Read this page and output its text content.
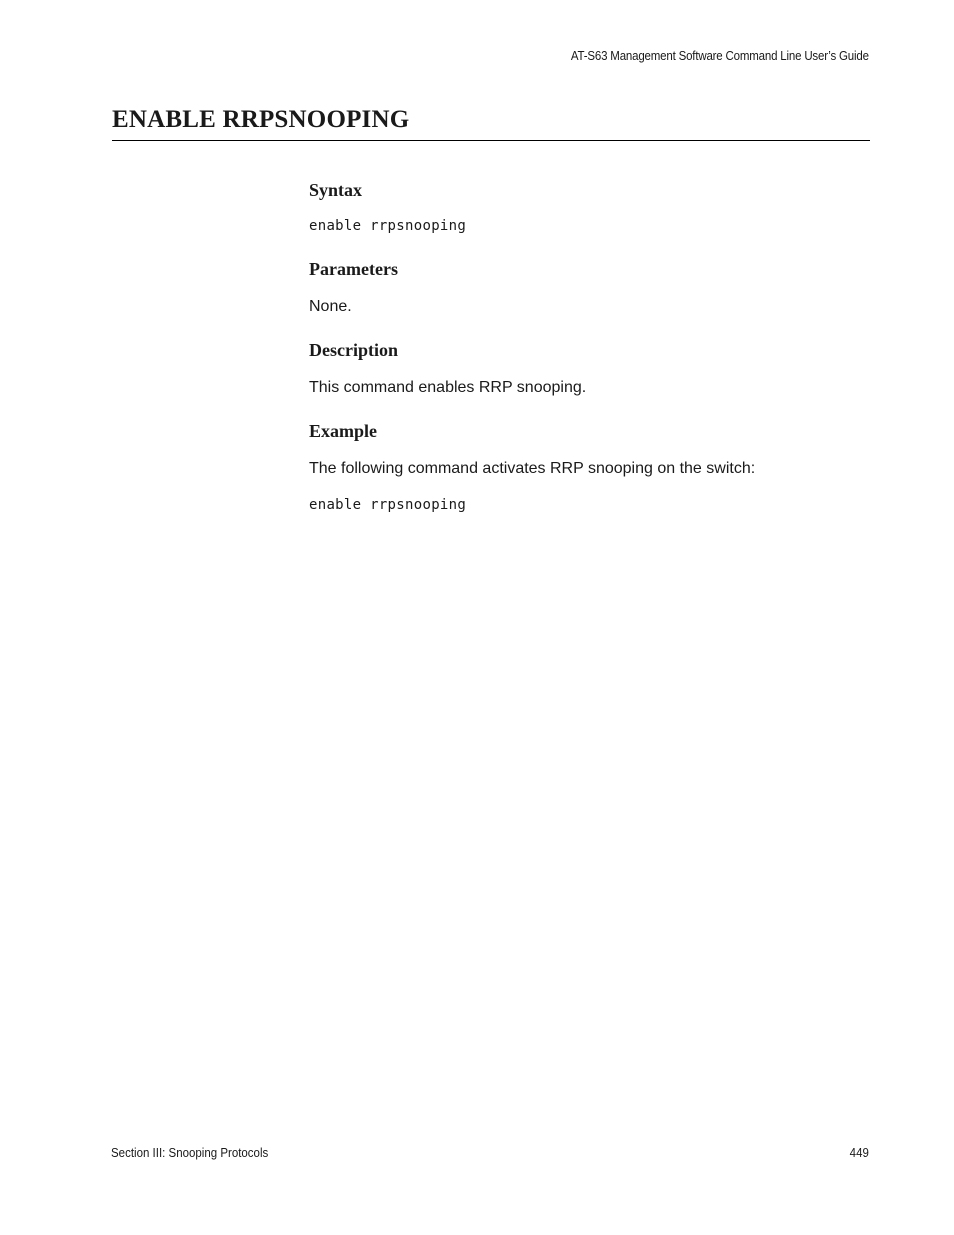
AT-S63 Management Software Command Line User’s Guide
ENABLE RRPSNOOPING
Syntax

enable rrpsnooping

Parameters

None.

Description

This command enables RRP snooping.

Example

The following command activates RRP snooping on the switch:

enable rrpsnooping

Section III: Snooping Protocols	449
